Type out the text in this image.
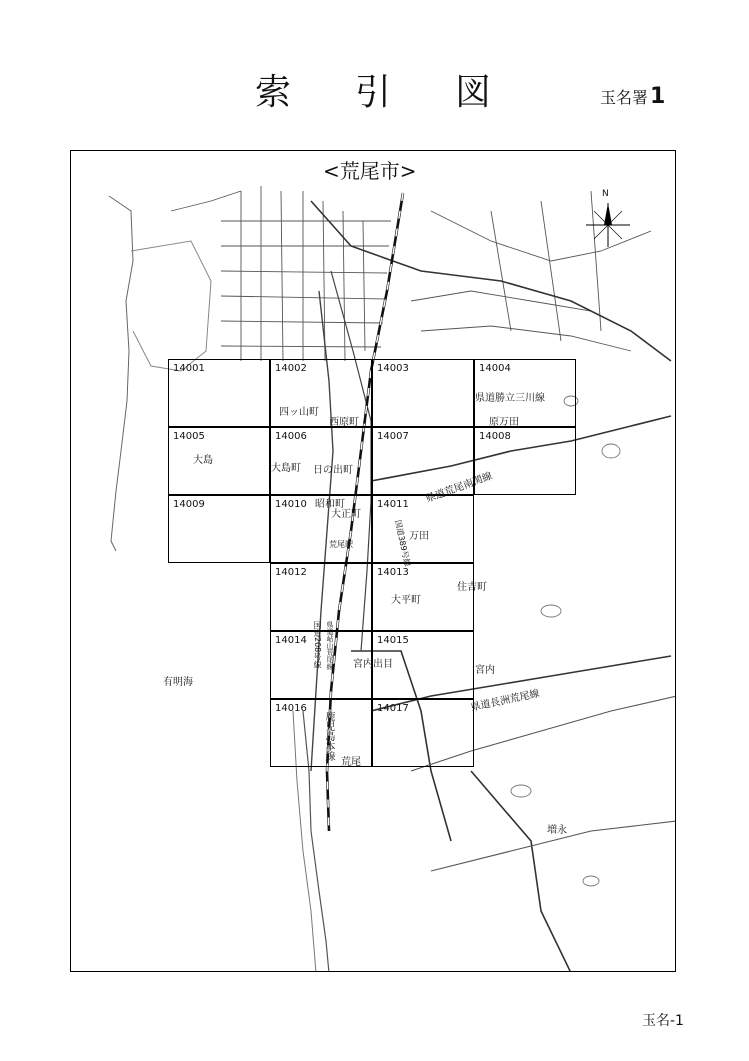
索引図	玉名署1
<荒尾市>
N
14001	14002	14003	14004
14005	14006	14007	14008
14009	14010	14011
14012	14013
14014	14015
14016	14017
四ッ山町
西原町	原万田
大島
大島町 日の出町
昭和町
大正町
荒尾駅
万田
住吉町
大平町
宮内出目
宮内
有明海
荒尾
増永
県道勝立三川線
県道荒尾南関線
国道208号線 県道岾山荒尾線
国道389号線
県道長洲荒尾線
鹿児島本線
玉名-1
